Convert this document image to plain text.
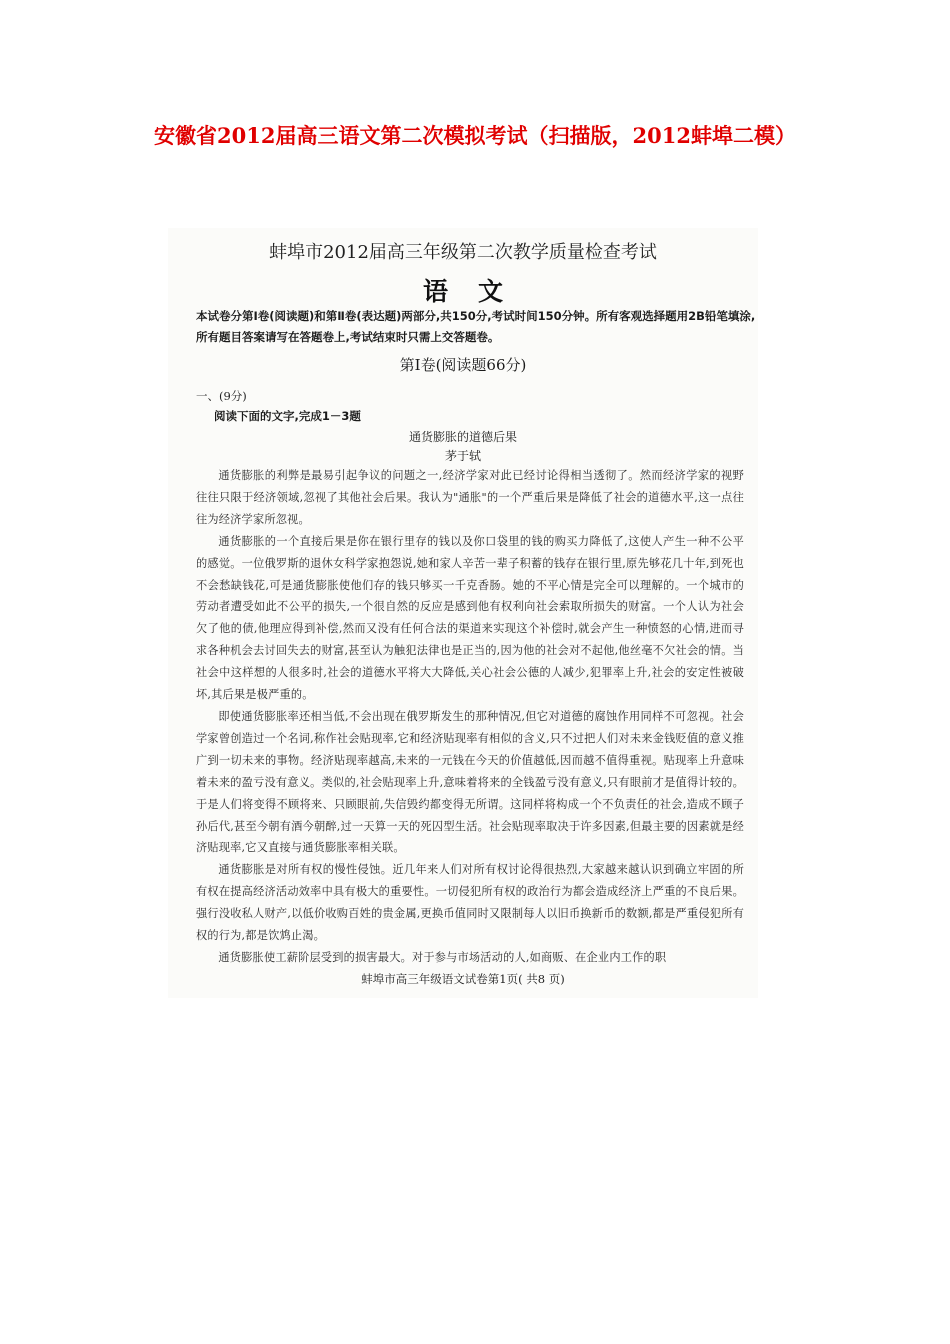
安徽省2012届高三语文第二次模拟考试（扫描版，2012蚌埠二模）
蚌埠市2012届高三年级第二次教学质量检查考试
语文
本试卷分第Ⅰ卷(阅读题)和第Ⅱ卷(表达题)两部分,共150分,考试时间150分钟。所有客观选择题用2B铅笔填涂,所有题目答案请写在答题卷上,考试结束时只需上交答题卷。
第Ⅰ卷(阅读题66分)
一、(9分)
阅读下面的文字,完成1－3题
通货膨胀的道德后果
茅于轼

通货膨胀的利弊是最易引起争议的问题之一,经济学家对此已经讨论得相当透彻了。然而经济学家的视野往往只限于经济领域,忽视了其他社会后果。我认为"通胀"的一个严重后果是降低了社会的道德水平,这一点往往为经济学家所忽视。

通货膨胀的一个直接后果是你在银行里存的钱以及你口袋里的钱的购买力降低了,这使人产生一种不公平的感觉。一位俄罗斯的退休女科学家抱怨说,她和家人辛苦一辈子积蓄的钱存在银行里,原先够花几十年,到死也不会愁缺钱花,可是通货膨胀使他们存的钱只够买一千克香肠。她的不平心情是完全可以理解的。一个城市的劳动者遭受如此不公平的损失,一个很自然的反应是感到他有权利向社会索取所损失的财富。一个人认为社会欠了他的债,他理应得到补偿,然而又没有任何合法的渠道来实现这个补偿时,就会产生一种愤怒的心情,进而寻求各种机会去讨回失去的财富,甚至认为触犯法律也是正当的,因为他的社会对不起他,他丝毫不欠社会的情。当社会中这样想的人很多时,社会的道德水平将大大降低,关心社会公德的人减少,犯罪率上升,社会的安定性被破坏,其后果是极严重的。

即使通货膨胀率还相当低,不会出现在俄罗斯发生的那种情况,但它对道德的腐蚀作用同样不可忽视。社会学家曾创造过一个名词,称作社会贴现率,它和经济贴现率有相似的含义,只不过把人们对未来金钱贬值的意义推广到一切未来的事物。经济贴现率越高,未来的一元钱在今天的价值越低,因而越不值得重视。贴现率上升意味着未来的盈亏没有意义。类似的,社会贴现率上升,意味着将来的全钱盈亏没有意义,只有眼前才是值得计较的。于是人们将变得不顾将来、只顾眼前,失信毁约都变得无所谓。这同样将构成一个不负责任的社会,造成不顾子孙后代,甚至今朝有酒今朝醉,过一天算一天的死囚型生活。社会贴现率取决于许多因素,但最主要的因素就是经济贴现率,它又直接与通货膨胀率相关联。

通货膨胀是对所有权的慢性侵蚀。近几年来人们对所有权讨论得很热烈,大家越来越认识到确立牢固的所有权在提高经济活动效率中具有极大的重要性。一切侵犯所有权的政治行为都会造成经济上严重的不良后果。强行没收私人财产,以低价收购百姓的贵金属,更换币值同时又限制每人以旧币换新币的数额,都是严重侵犯所有权的行为,都是饮鸩止渴。

通货膨胀使工薪阶层受到的损害最大。对于参与市场活动的人,如商贩、在企业内工作的职

蚌埠市高三年级语文试卷第1页( 共8 页)
